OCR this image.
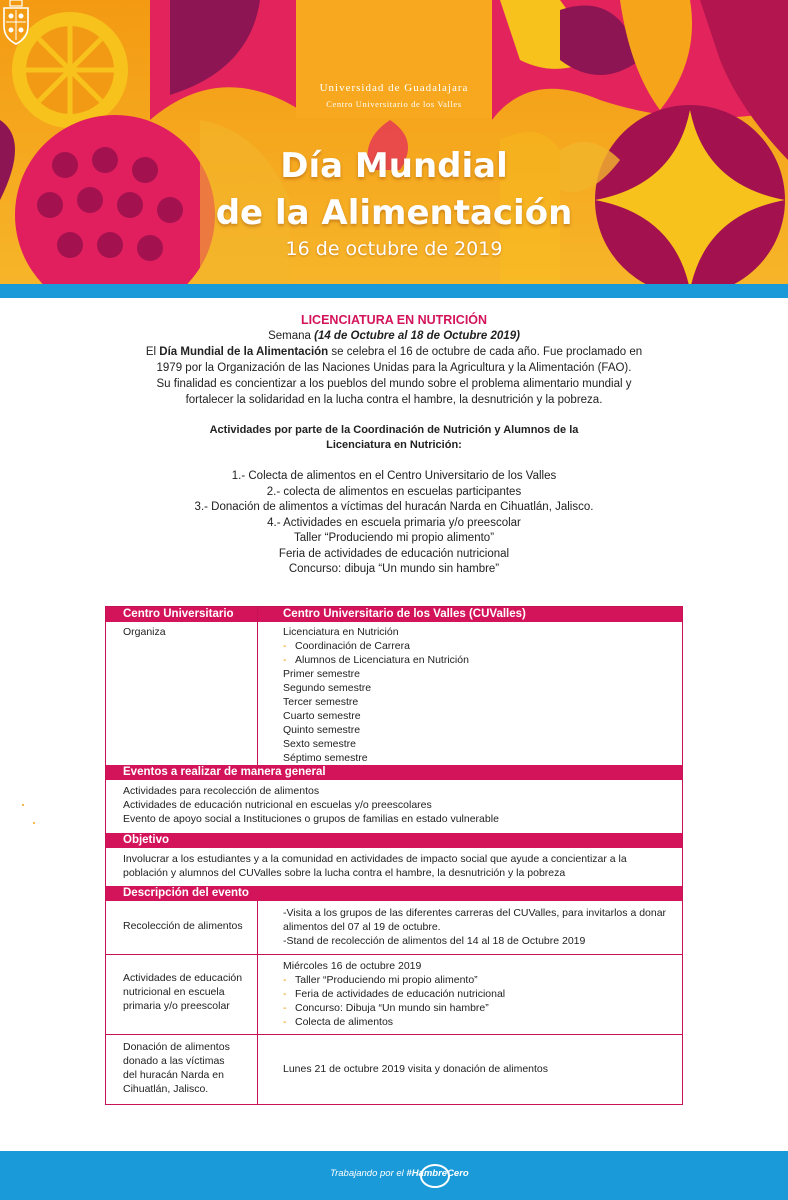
Universidad de Guadalajara
Centro Universitario de los Valles
Día Mundial
de la Alimentación
16 de octubre de 2019
LICENCIATURA EN NUTRICIÓN
Semana (14 de Octubre al 18 de Octubre 2019)
El Día Mundial de la Alimentación se celebra el 16 de octubre de cada año. Fue proclamado en
1979 por la Organización de las Naciones Unidas para la Agricultura y la Alimentación (FAO).
Su finalidad es concientizar a los pueblos del mundo sobre el problema alimentario mundial y
fortalecer la solidaridad en la lucha contra el hambre, la desnutrición y la pobreza.
Actividades por parte de la Coordinación de Nutrición y Alumnos de la
Licenciatura en Nutrición:
1.- Colecta de alimentos en el Centro Universitario de los Valles
2.- colecta de alimentos en escuelas participantes
3.- Donación de alimentos a víctimas del huracán Narda en Cihuatlán, Jalisco.
4.- Actividades en escuela primaria y/o preescolar
Taller “Produciendo mi propio alimento”
Feria de actividades de educación nutricional
Concurso: dibuja “Un mundo sin hambre”
Centro Universitario	Centro Universitario de los Valles (CUValles)
Organiza	Licenciatura en Nutrición
- Coordinación de Carrera
- Alumnos de Licenciatura en Nutrición
Primer semestre
Segundo semestre
Tercer semestre
Cuarto semestre
Quinto semestre
Sexto semestre
Séptimo semestre
Eventos a realizar de manera general
Actividades para recolección de alimentos
Actividades de educación nutricional en escuelas y/o preescolares
Evento de apoyo social a Instituciones o grupos de familias en estado vulnerable
Objetivo
Involucrar a los estudiantes y a la comunidad en actividades de impacto social que ayude a concientizar a la
población y alumnos del CUValles sobre la lucha contra el hambre, la desnutrición y la pobreza
Descripción del evento
Recolección de alimentos
-Visita a los grupos de las diferentes carreras del CUValles, para invitarlos a donar
alimentos del 07 al 19 de octubre.
-Stand de recolección de alimentos del 14 al 18 de Octubre 2019
Actividades de educación
nutricional en escuela
primaria y/o preescolar
Miércoles 16 de octubre 2019
- Taller “Produciendo mi propio alimento”
- Feria de actividades de educación nutricional
- Concurso: Dibuja “Un mundo sin hambre”
- Colecta de alimentos
Donación de alimentos
donado a las víctimas
del huracán Narda en
Cihuatlán, Jalisco.
Lunes 21 de octubre 2019 visita y donación de alimentos
Trabajando por el #HambreCero
